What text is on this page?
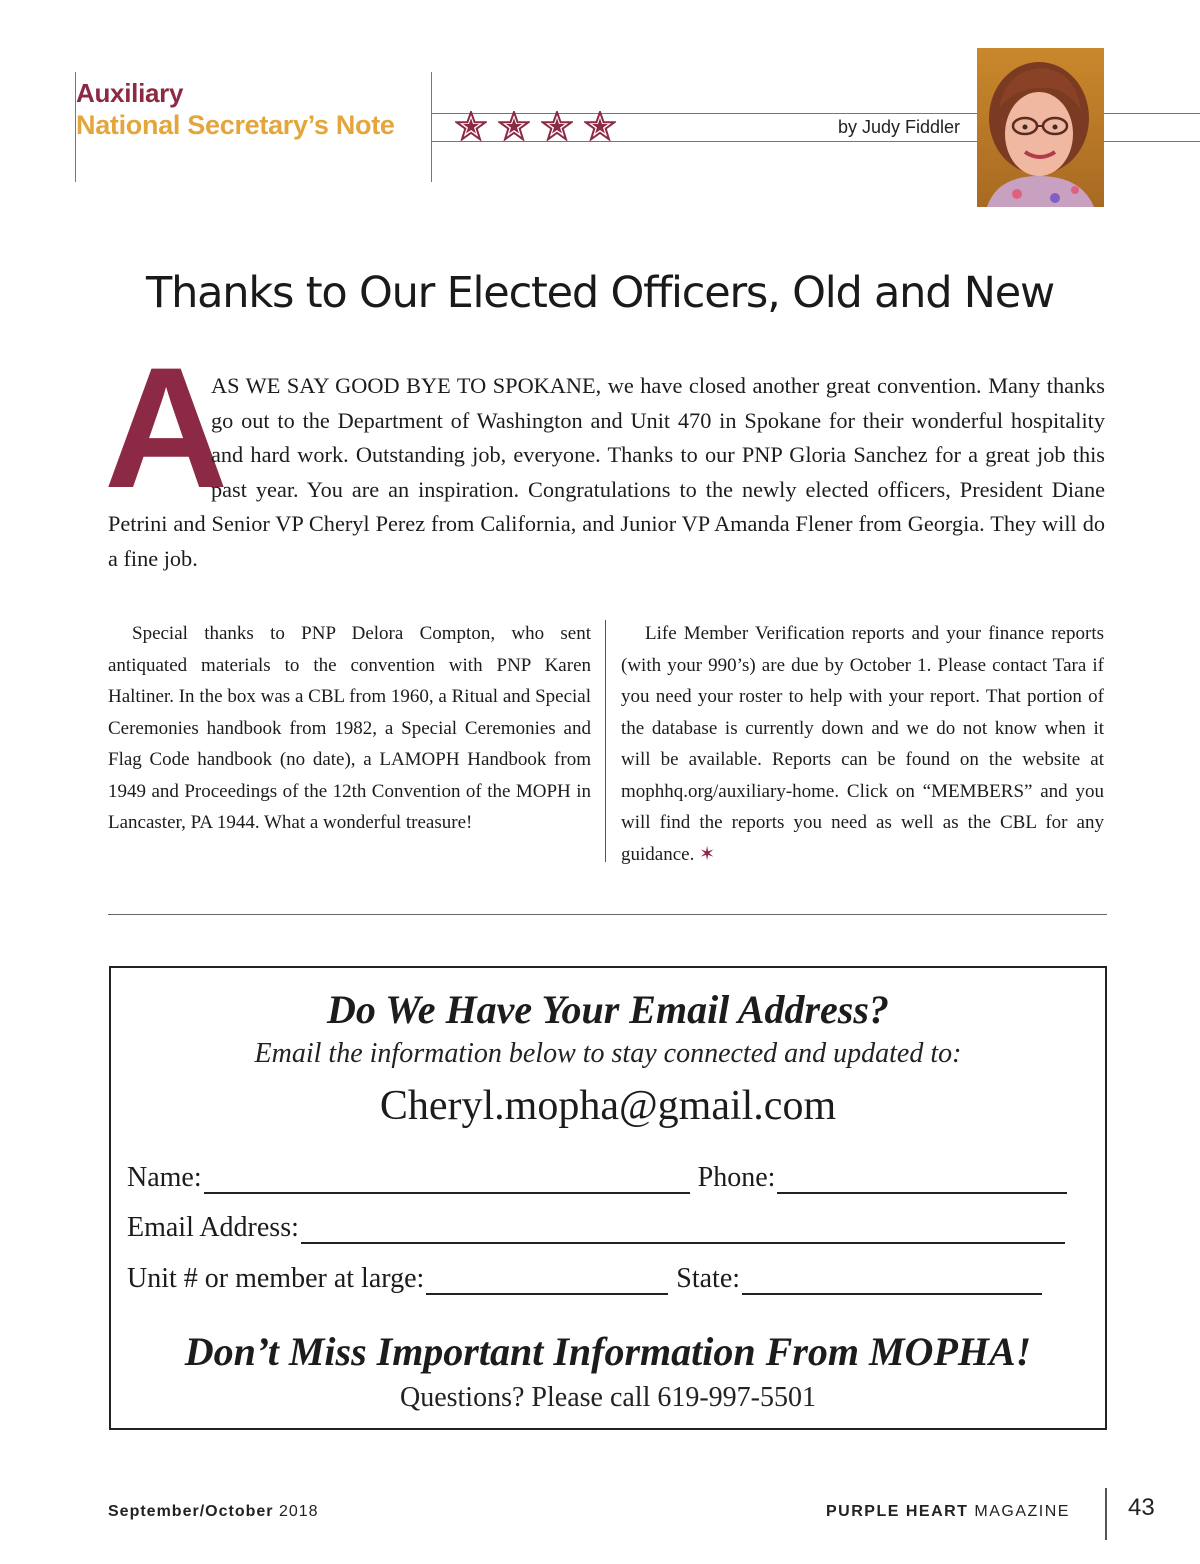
Auxiliary
National Secretary’s Note	by Judy Fiddler
Thanks to Our Elected Officers, Old and New
A
AS WE SAY GOOD BYE TO SPOKANE, we have closed another great convention. Many thanks go out to the Department of Washington and Unit 470 in Spokane for their wonderful hospitality and hard work. Outstanding job, everyone. Thanks to our PNP Gloria Sanchez for a great job this past year. You are an inspiration. Congratulations to the newly elected officers, President Diane Petrini and Senior VP Cheryl Perez from California, and Junior VP Amanda Flener from Georgia. They will do a fine job.
Special thanks to PNP Delora Compton, who sent antiquated materials to the convention with PNP Karen Haltiner. In the box was a CBL from 1960, a Ritual and Special Ceremonies handbook from 1982, a Special Ceremonies and Flag Code handbook (no date), a LAMOPH Handbook from 1949 and Proceedings of the 12th Convention of the MOPH in Lancaster, PA 1944. What a wonderful treasure!
Life Member Verification reports and your finance reports (with your 990’s) are due by October 1. Please contact Tara if you need your roster to help with your report. That portion of the database is currently down and we do not know when it will be available. Reports can be found on the website at mophhq.org/auxiliary-home. Click on “MEMBERS” and you will find the reports you need as well as the CBL for any guidance. ✶
Do We Have Your Email Address?
Email the information below to stay connected and updated to:
Cheryl.mopha@gmail.com
Name:	Phone:
Email Address:
Unit # or member at large:	State:
Don’t Miss Important Information From MOPHA!
Questions? Please call 619-997-5501
September/October 2018	PURPLE HEART MAGAZINE 43
